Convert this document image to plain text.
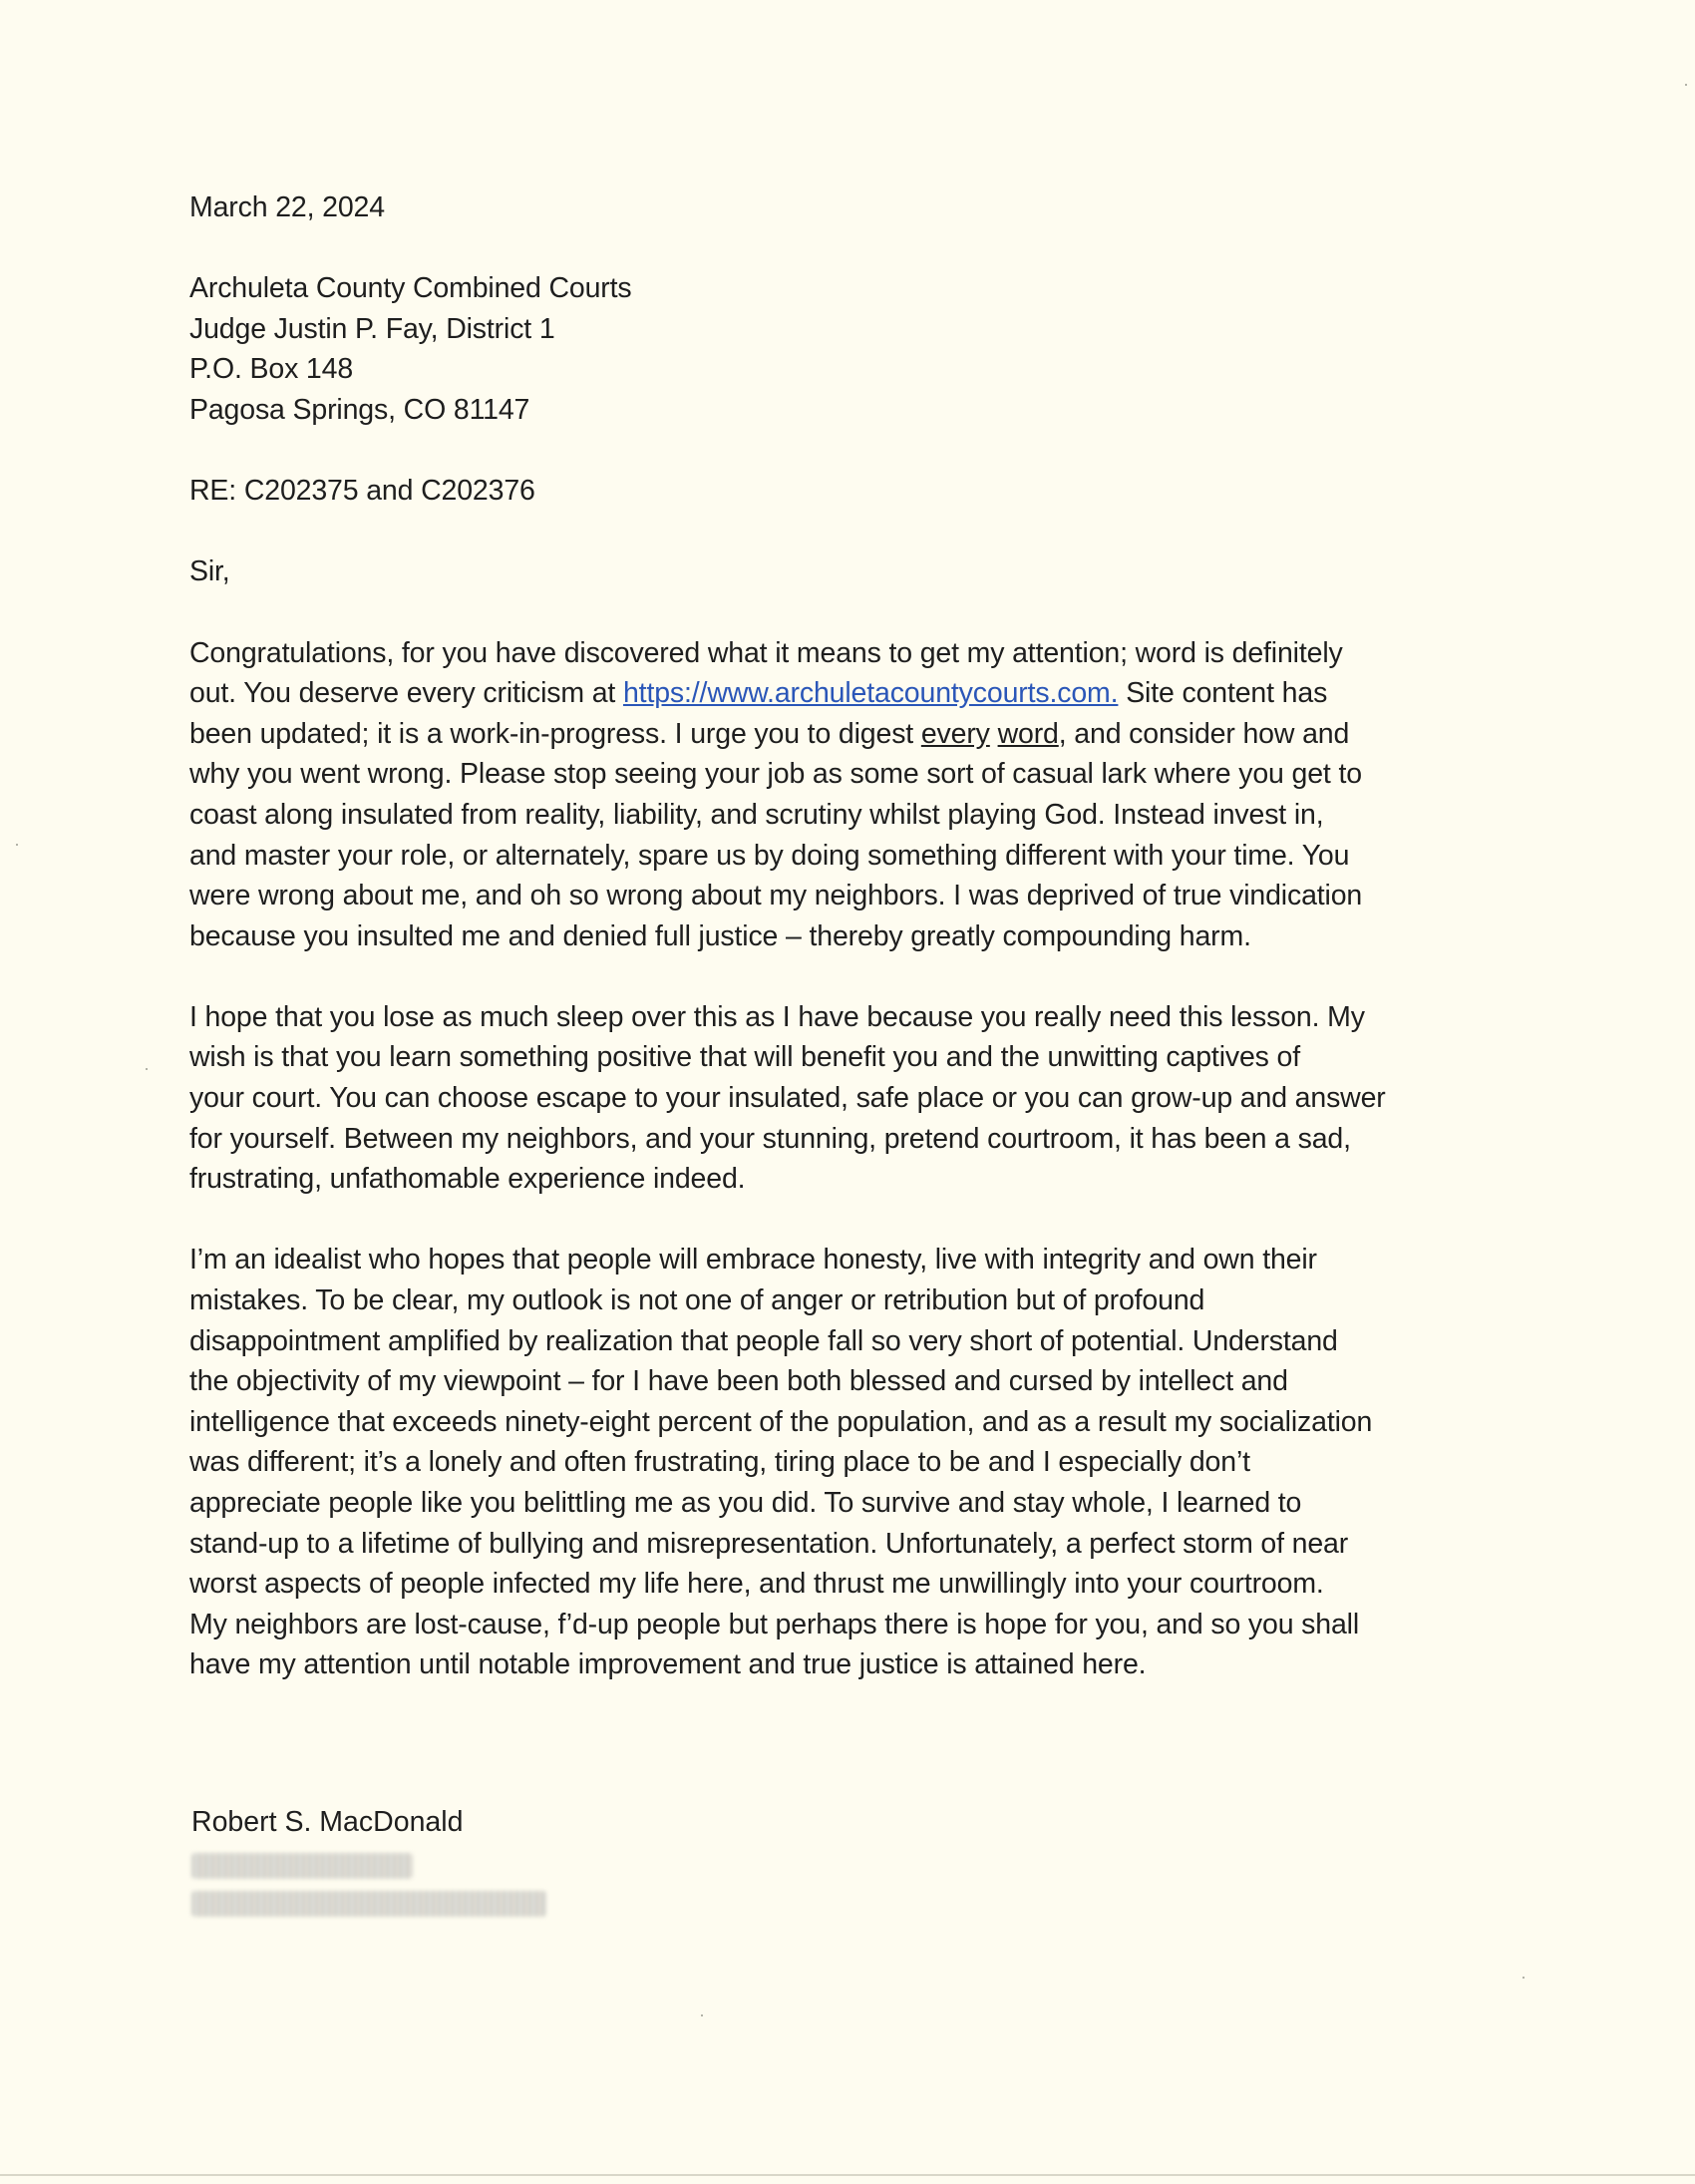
March 22, 2024
Archuleta County Combined Courts
Judge Justin P. Fay, District 1
P.O. Box 148
Pagosa Springs, CO 81147
RE: C202375 and C202376
Sir,
Congratulations, for you have discovered what it means to get my attention; word is definitely
out. You deserve every criticism at https://www.archuletacountycourts.com. Site content has
been updated; it is a work-in-progress. I urge you to digest every word, and consider how and
why you went wrong. Please stop seeing your job as some sort of casual lark where you get to
coast along insulated from reality, liability, and scrutiny whilst playing God. Instead invest in,
and master your role, or alternately, spare us by doing something different with your time. You
were wrong about me, and oh so wrong about my neighbors. I was deprived of true vindication
because you insulted me and denied full justice – thereby greatly compounding harm.
I hope that you lose as much sleep over this as I have because you really need this lesson. My
wish is that you learn something positive that will benefit you and the unwitting captives of
your court. You can choose escape to your insulated, safe place or you can grow-up and answer
for yourself. Between my neighbors, and your stunning, pretend courtroom, it has been a sad,
frustrating, unfathomable experience indeed.
I’m an idealist who hopes that people will embrace honesty, live with integrity and own their
mistakes. To be clear, my outlook is not one of anger or retribution but of profound
disappointment amplified by realization that people fall so very short of potential. Understand
the objectivity of my viewpoint – for I have been both blessed and cursed by intellect and
intelligence that exceeds ninety-eight percent of the population, and as a result my socialization
was different; it’s a lonely and often frustrating, tiring place to be and I especially don’t
appreciate people like you belittling me as you did. To survive and stay whole, I learned to
stand-up to a lifetime of bullying and misrepresentation. Unfortunately, a perfect storm of near
worst aspects of people infected my life here, and thrust me unwillingly into your courtroom.
My neighbors are lost-cause, f’d-up people but perhaps there is hope for you, and so you shall
have my attention until notable improvement and true justice is attained here.
Robert S. MacDonald
